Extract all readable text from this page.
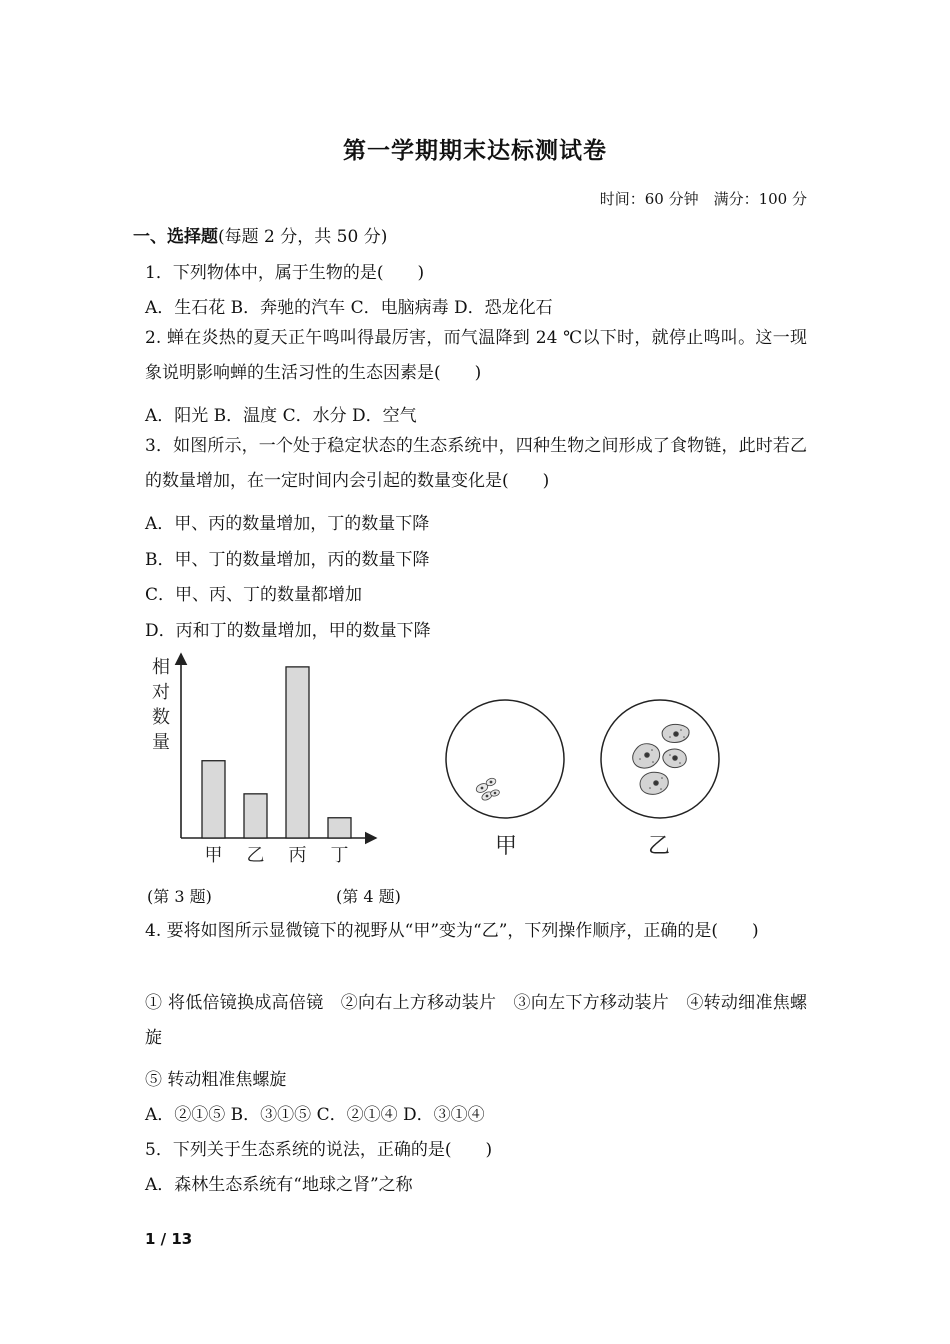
第一学期期末达标测试卷
时间：60 分钟　满分：100 分
一、选择题(每题 2 分，共 50 分)
1．下列物体中，属于生物的是(　　)
A．生石花 B．奔驰的汽车 C．电脑病毒 D．恐龙化石
2. 蝉在炎热的夏天正午鸣叫得最厉害，而气温降到 24 ℃以下时，就停止鸣叫。这一现象说明影响蝉的生活习性的生态因素是(　　)
A．阳光 B．温度 C．水分 D．空气
3．如图所示，一个处于稳定状态的生态系统中，四种生物之间形成了食物链，此时若乙的数量增加，在一定时间内会引起的数量变化是(　　)
A．甲、丙的数量增加，丁的数量下降
B．甲、丁的数量增加，丙的数量下降
C．甲、丙、丁的数量都增加
D．丙和丁的数量增加，甲的数量下降
相
对
数
量
甲 乙 丙 丁	甲	乙
(第 3 题)	(第 4 题)
4. 要将如图所示显微镜下的视野从“甲”变为“乙”，下列操作顺序，正确的是(　　)
① 将低倍镜换成高倍镜　②向右上方移动装片　③向左下方移动装片　④转动细准焦螺旋
⑤ 转动粗准焦螺旋
A．②①⑤ B．③①⑤ C．②①④ D．③①④
5．下列关于生态系统的说法，正确的是(　　)
A．森林生态系统有“地球之肾”之称
1 / 13
